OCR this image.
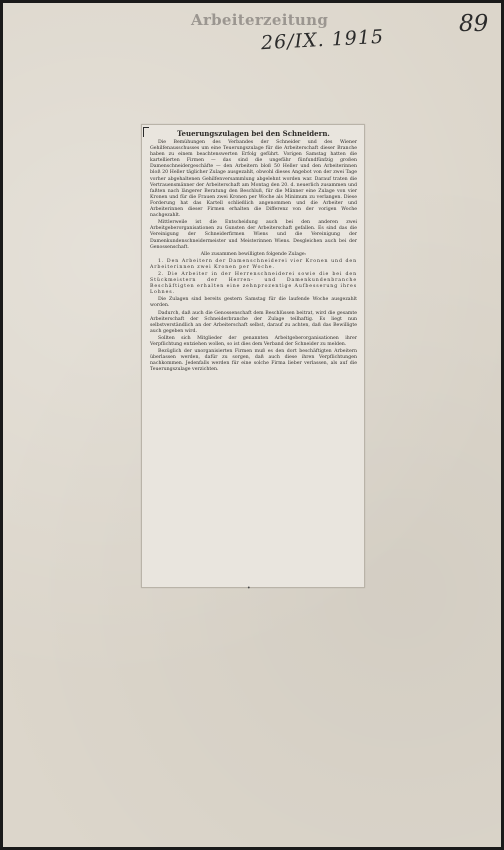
Arbeiterzeitung
26/IX. 1915
89
Teuerungszulagen bei den Schneidern.

Die Bemühungen des Verbandes der Schneider und des Wiener Gehilfenausschusses um eine Teuerungszulage für die Arbeiterschaft dieser Branche haben zu einem beachtenswerten Erfolg geführt. Vorigen Samstag hatten die kartellierten Firmen — das sind die ungefähr fünfundfünfzig großen Damenschneidergeschäfte — den Arbeitern bloß 50 Heller und den Arbeiterinnen bloß 20 Heller täglicher Zulage ausgezahlt, obwohl dieses Angebot von der zwei Tage vorher abgehaltenen Gehilfenversammlung abgelehnt worden war. Darauf traten die Vertrauensmänner der Arbeiterschaft am Montag den 20. d. neuerlich zusammen und faßten nach längerer Beratung den Beschluß, für die Männer eine Zulage von vier Kronen und für die Frauen zwei Kronen per Woche als Minimum zu verlangen. Diese Forderung hat das Kartell schließlich angenommen und die Arbeiter und Arbeiterinnen dieser Firmen erhalten die Differenz von der vorigen Woche nachgezahlt.

Mittlerweile ist die Entscheidung auch bei den anderen zwei Arbeitgeberorganisationen zu Gunsten der Arbeiterschaft gefallen. Es sind das die Vereinigung der Schneiderfirmen Wiens und die Vereinigung der Damenkundenschneidermeister und Meisterinnen Wiens. Desgleichen auch bei der Genossenschaft.

Alle zusammen bewilligten folgende Zulage:

1. Den Arbeitern der Damenschneiderei vier Kronen und den Arbeiterinnen zwei Kronen per Woche.

2. Die Arbeiter in der Herrenschneiderei sowie die bei den Stückmeistern der Herren- und Damenkundenbranche Beschäftigten erhalten eine zehnprozentige Aufbesserung ihres Lohnes.

Die Zulagen sind bereits gestern Samstag für die laufende Woche ausgezahlt worden.

Dadurch, daß auch die Genossenschaft dem Beschlüssen beitrat, wird die gesamte Arbeiterschaft der Schneiderbranche der Zulage teilhaftig. Es liegt nun selbstverständlich an der Arbeiterschaft selbst, darauf zu achten, daß das Bewilligte auch gegeben wird.

Sollten sich Mitglieder der genannten Arbeitgeberorganisationen ihrer Verpflichtung entziehen wollen, so ist dies dem Verband der Schneider zu melden.

Bezüglich der unorganisierten Firmen muß es den dort beschäftigten Arbeitern überlassen werden, dafür zu sorgen, daß auch diese ihren Verpflichtungen nachkommen. Jedenfalls werden für eine solche Firma lieber verlassen, als auf die Teuerungszulage verzichten.

•
